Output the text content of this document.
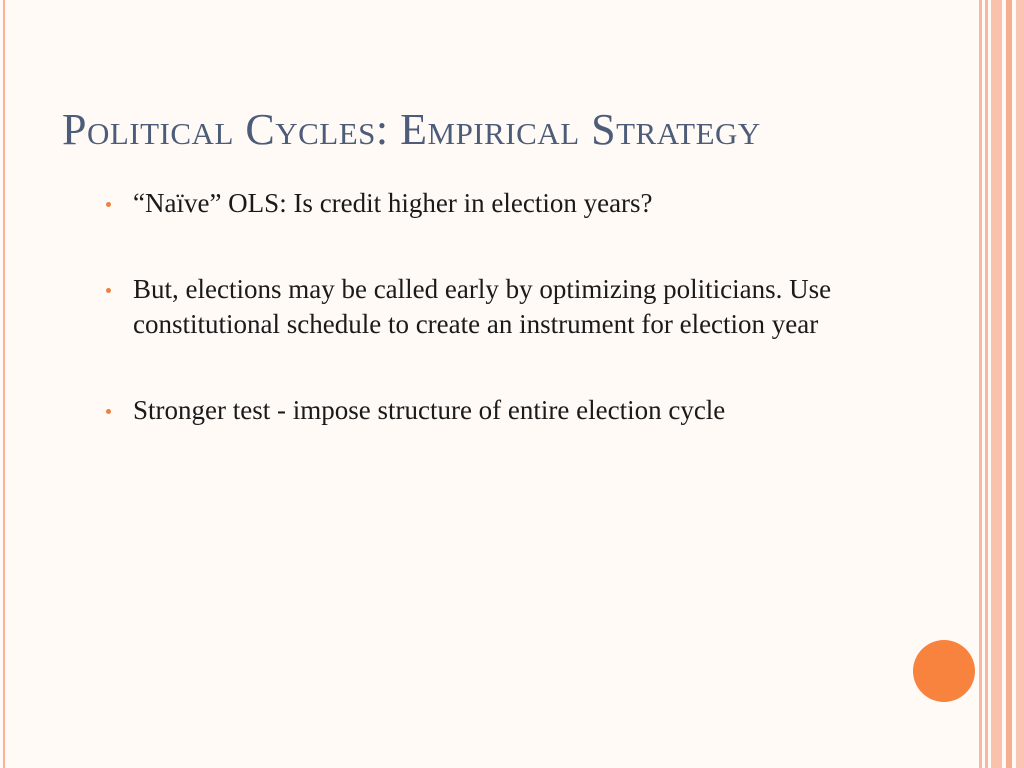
Political Cycles: Empirical Strategy
“Naïve” OLS: Is credit higher in election years?
But, elections may be called early by optimizing politicians. Use constitutional schedule to create an instrument for election year
Stronger test - impose structure of entire election cycle
